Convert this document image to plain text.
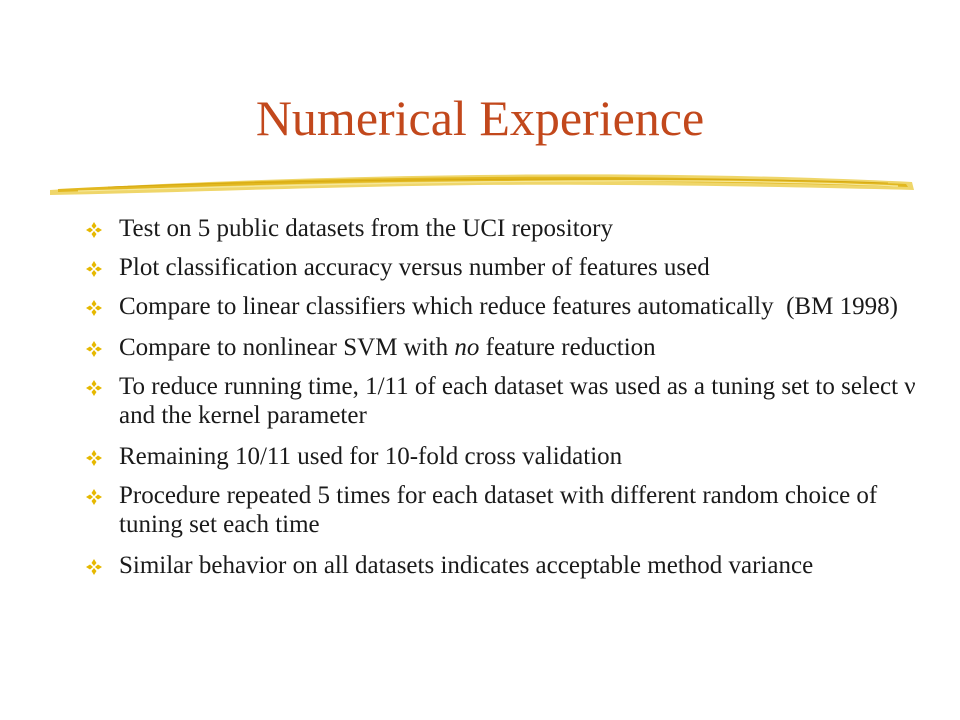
Numerical Experience
Test on 5 public datasets from the UCI repository
Plot classification accuracy versus number of features used
Compare to linear classifiers which reduce features automatically  (BM 1998)
Compare to nonlinear SVM with no feature reduction
To reduce running time, 1/11 of each dataset was used as a tuning set to select ν and the kernel parameter
Remaining 10/11 used for 10-fold cross validation
Procedure repeated 5 times for each dataset with different random choice of tuning set each time
Similar behavior on all datasets indicates acceptable method variance
